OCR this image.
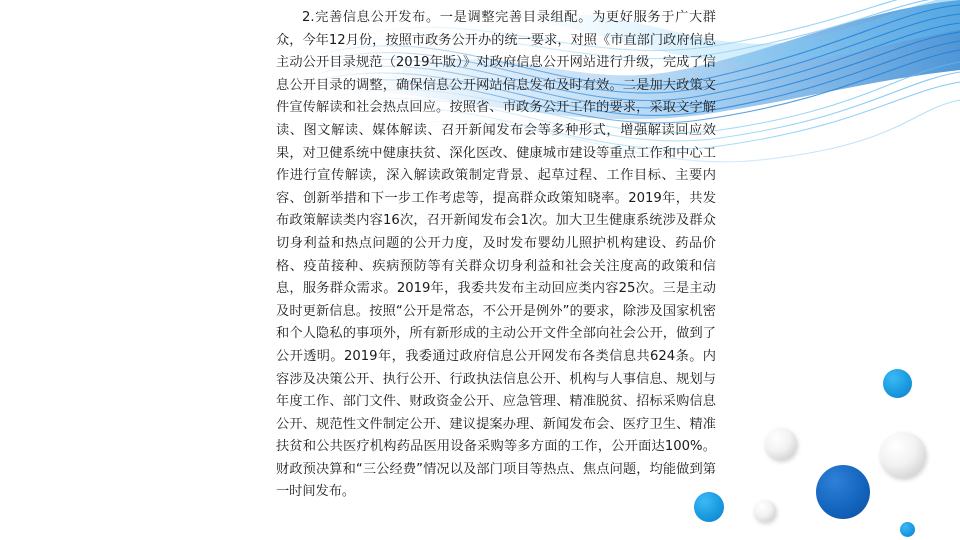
2.完善信息公开发布。一是调整完善目录组配。为更好服务于广大群众，今年12月份，按照市政务公开办的统一要求，对照《市直部门政府信息主动公开目录规范（2019年版）》对政府信息公开网站进行升级，完成了信息公开目录的调整，确保信息公开网站信息发布及时有效。二是加大政策文件宣传解读和社会热点回应。按照省、市政务公开工作的要求，采取文字解读、图文解读、媒体解读、召开新闻发布会等多种形式，增强解读回应效果，对卫健系统中健康扶贫、深化医改、健康城市建设等重点工作和中心工作进行宣传解读，深入解读政策制定背景、起草过程、工作目标、主要内容、创新举措和下一步工作考虑等，提高群众政策知晓率。2019年，共发布政策解读类内容16次，召开新闻发布会1次。加大卫生健康系统涉及群众切身利益和热点问题的公开力度，及时发布婴幼儿照护机构建设、药品价格、疫苗接种、疾病预防等有关群众切身利益和社会关注度高的政策和信息，服务群众需求。2019年，我委共发布主动回应类内容25次。三是主动及时更新信息。按照“公开是常态，不公开是例外”的要求，除涉及国家机密和个人隐私的事项外，所有新形成的主动公开文件全部向社会公开，做到了公开透明。2019年，我委通过政府信息公开网发布各类信息共624条。内容涉及决策公开、执行公开、行政执法信息公开、机构与人事信息、规划与年度工作、部门文件、财政资金公开、应急管理、精准脱贫、招标采购信息公开、规范性文件制定公开、建议提案办理、新闻发布会、医疗卫生、精准扶贫和公共医疗机构药品医用设备采购等多方面的工作，公开面达100%。财政预决算和“三公经费”情况以及部门项目等热点、焦点问题，均能做到第一时间发布。
